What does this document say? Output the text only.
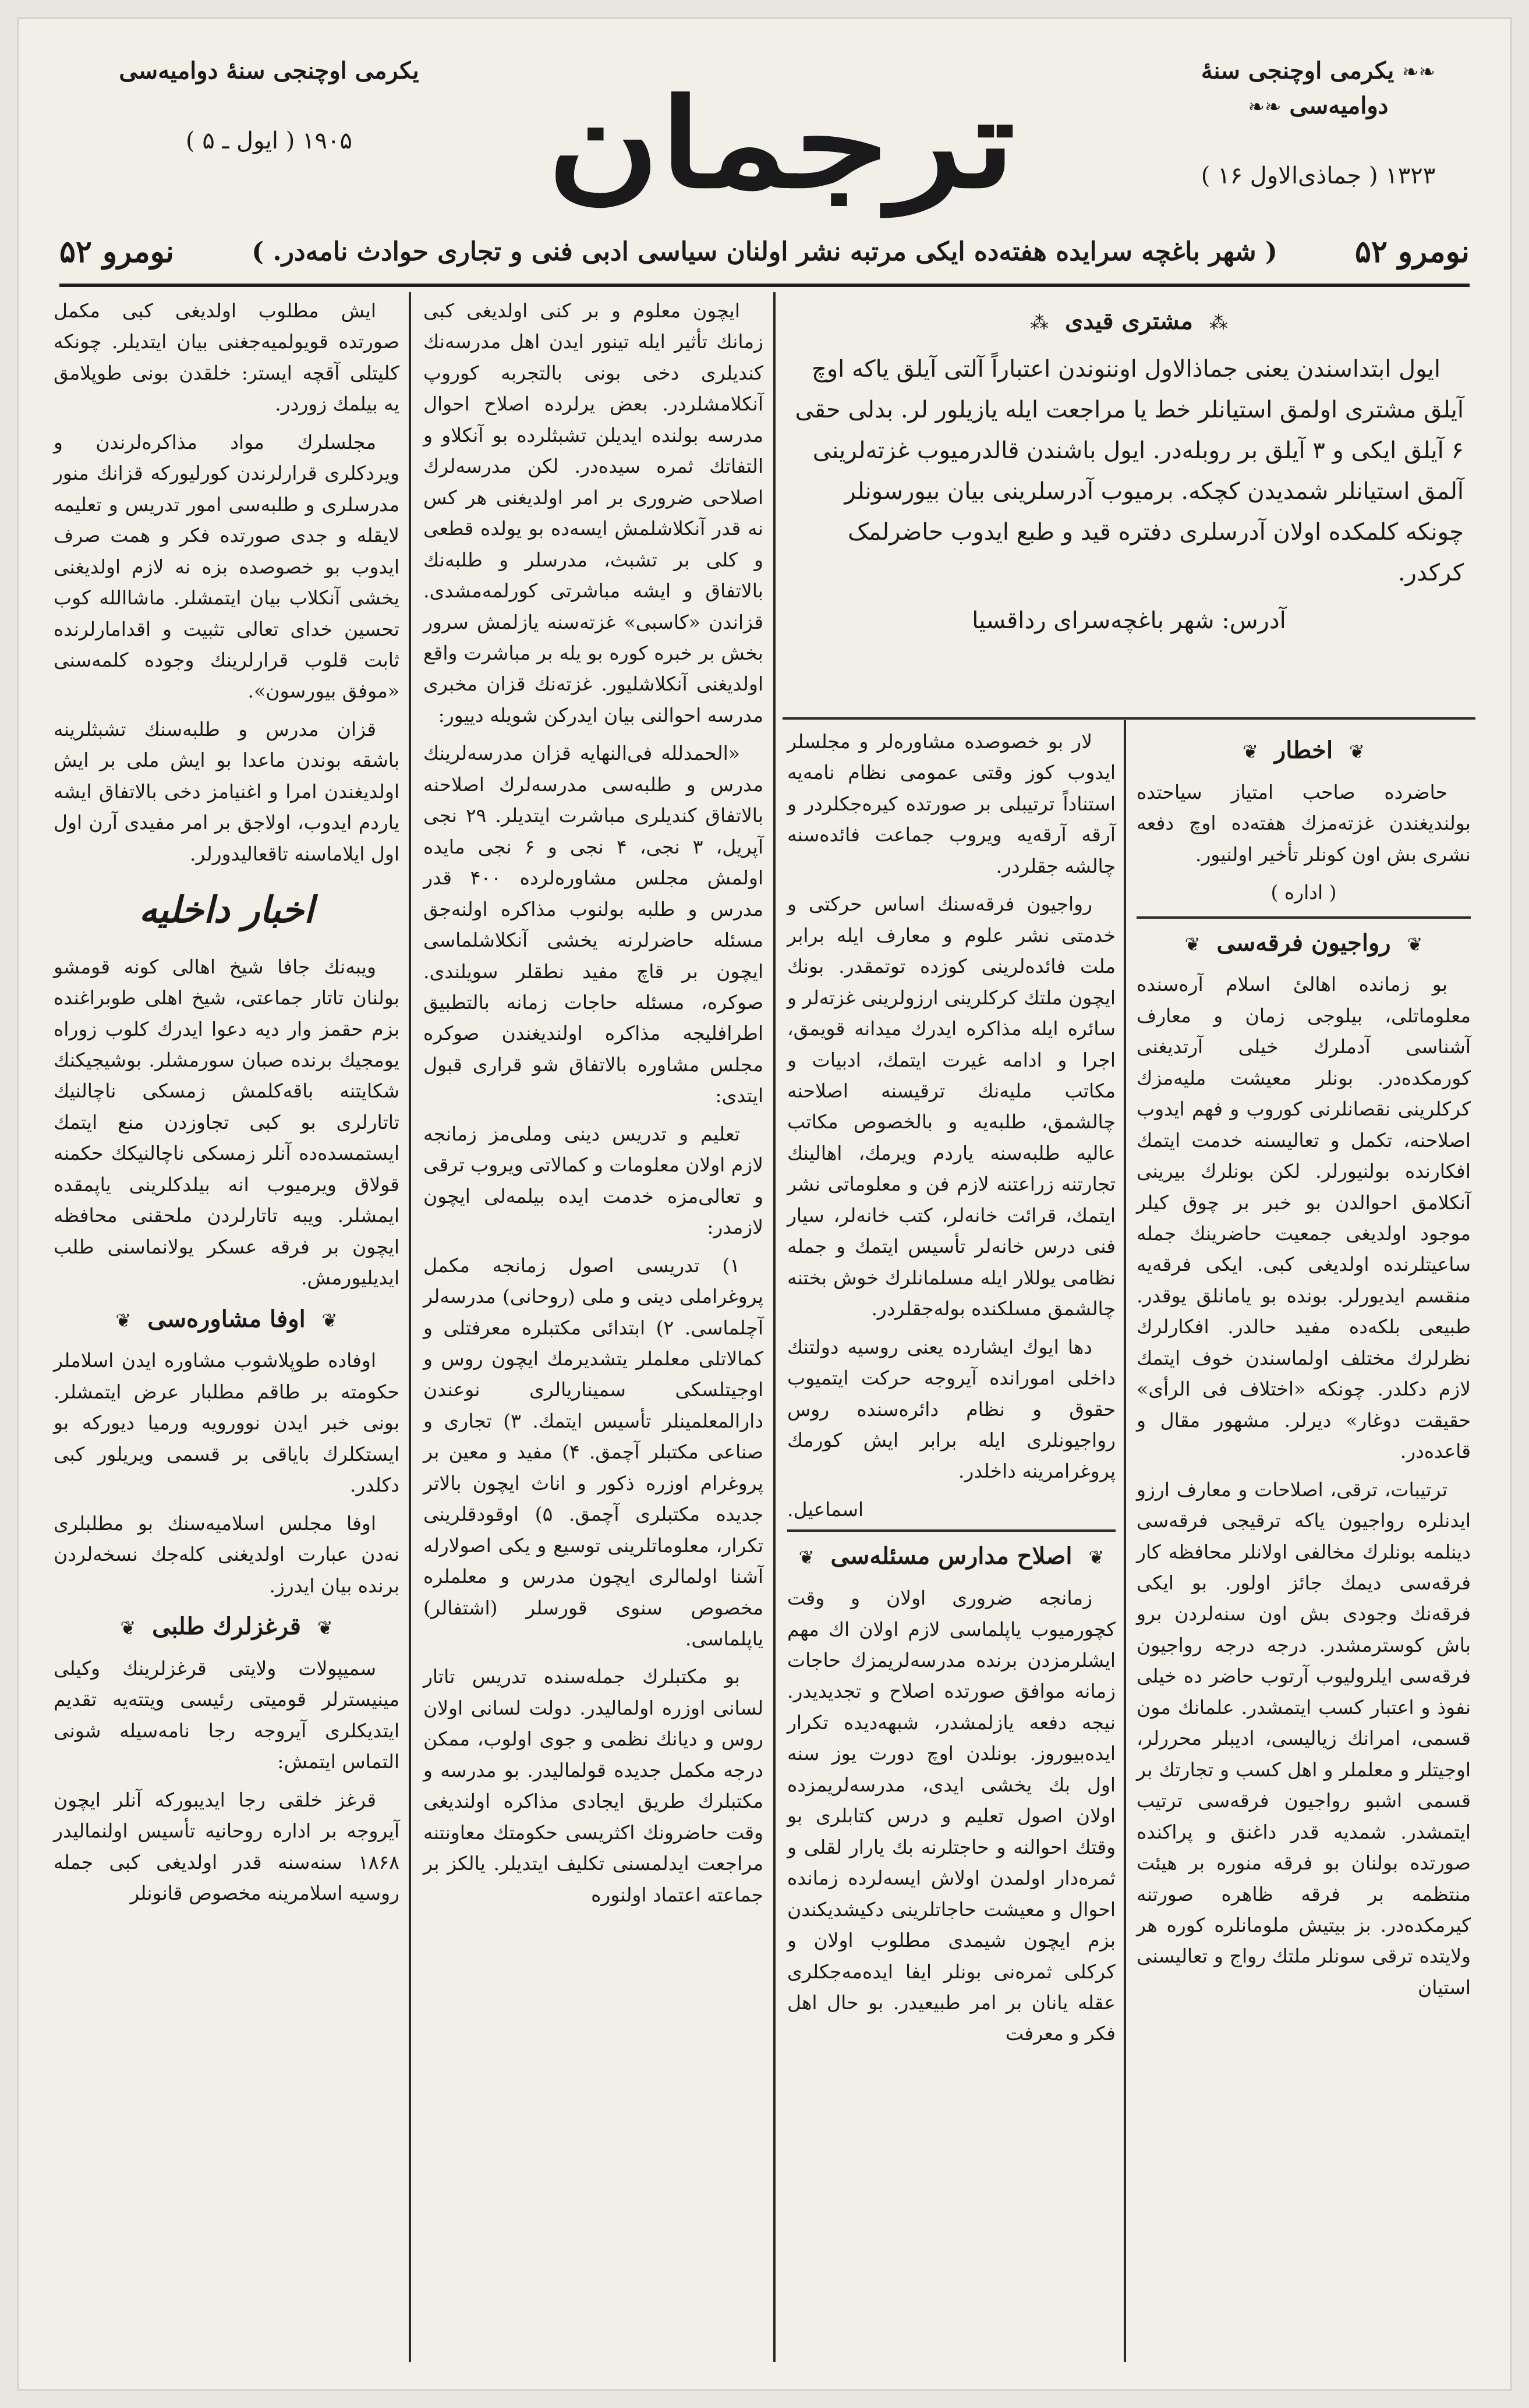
❧❧ یکرمی اوچنجی سنهٔ دوامیه‌سی ❧❧
۱۳۲۳ ( جماذی‌الاول ۱۶ )
ترجمان
یکرمی اوچنجی سنهٔ دوامیه‌سی
۱۹۰۵ ( ایول ـ ۵ )
نومرو ۵۲
( شهر باغچه سرایده هفته‌ده ایکی مرتبه نشر اولنان سیاسی ادبی فنی و تجاری حوادث نامه‌در. )
نومرو ۵۲
⁂ مشتری قیدی ⁂
ایول ابتداسندن یعنی جماذالاول اوننوندن اعتباراً آلتی آیلق یاکه اوچ آیلق مشتری اولمق استیانلر خط یا مراجعت ایله یازیلور لر. بدلی حقی ۶ آیلق ایکی و ۳ آیلق بر روبله‌در. ایول باشندن قالدرمیوب غزته‌لرینی آلمق استیانلر شمدیدن کچکه. برمیوب آدرسلرینی بیان بیورسونلر چونکه کلمکده اولان آدرسلری دفتره قید و طبع ایدوب حاضرلمک کرکدر.
آدرس: شهر باغچه‌سرای رداقسیا
❦ اخطار ❦
حاضرده صاحب امتیاز سیاحتده بولندیغندن غزته‌مزك هفته‌ده اوچ دفعه نشری بش اون کونلر تأخیر اولنیور.
( اداره )
❦ رواجیون فرقه‌سی ❦
بو زمانده اهالیٔ اسلام آره‌سنده معلوماتلی، بیلوجی زمان و معارف آشناسی آدملرك خیلی آرتدیغنی کورمکده‌در. بونلر معیشت ملیه‌مزك کرکلرینی نقصانلرنی کوروب و فهم ایدوب اصلاحنه، تکمل و تعالیسنه خدمت ایتمك افکارنده بولنیورلر. لکن بونلرك بیرینی آنکلامق احوالدن بو خبر بر چوق کیلر موجود اولدیغی جمعیت حاضرینك جمله ساعیتلرنده اولدیغی کبی. ایکی فرقه‌یه منقسم ایدیورلر. بونده بو یامانلق یوقدر. طبیعی بلکه‌ده مفید حالدر. افکارلرك نظرلرك مختلف اولماسندن خوف ایتمك لازم دکلدر. چونکه «اختلاف فی الرأی» حقیقت دوغار» دیرلر. مشهور مقال و قاعده‌در.
ترتیبات، ترقی، اصلاحات و معارف ارزو ایدنلره رواجیون یاکه ترقیجی فرقه‌سی دینلمه بونلرك مخالفی اولانلر محافظه کار فرقه‌سی دیمك جائز اولور. بو ایکی فرقه‌نك وجودی بش اون سنه‌لردن برو باش کوسترمشدر. درجه درجه رواجیون فرقه‌سی ایلرولیوب آرتوب حاضر ده خیلی نفوذ و اعتبار کسب ایتمشدر. علمانك مون قسمی، امرانك زیالیسی، ادیبلر محررلر، اوجیتلر و معلملر و اهل کسب و تجارتك بر قسمی اشبو رواجیون فرقه‌سی ترتیب ایتمشدر. شمدیه قدر داغنق و پراکنده صورتده بولنان بو فرقه منوره بر هیئت منتظمه بر فرقه ظاهره صورتنه کیرمکده‌در. بز بیتیش ملومانلره کوره هر ولایتده ترقی سونلر ملتك رواج و تعالیسنی استیان
لار بو خصوصده مشاوره‌لر و مجلسلر ایدوب کوز وقتی عمومی نظام نامه‌یه استناداً ترتیبلی بر صورتده کیره‌جکلردر و آرقه آرقه‌یه ویروب جماعت فائده‌سنه چالشه جقلردر.
رواجیون فرقه‌سنك اساس حرکتی و خدمتی نشر علوم و معارف ایله برابر ملت فائده‌لرینی کوزده توتمقدر. بونك ایچون ملتك کرکلرینی ارزولرینی غزته‌لر و سائره ایله مذاکره ایدرك میدانه قویمق، اجرا و ادامه غیرت ایتمك، ادبیات و مکاتب ملیه‌نك ترقیسنه اصلاحنه چالشمق، طلبه‌یه و بالخصوص مکاتب عالیه طلبه‌سنه یاردم ویرمك، اهالینك تجارتنه زراعتنه لازم فن و معلوماتی نشر ایتمك، قرائت خانه‌لر، کتب خانه‌لر، سیار فنی درس خانه‌لر تأسیس ایتمك و جمله نظامی یوللار ایله مسلمانلرك خوش بختنه چالشمق مسلکنده بوله‌جقلردر.
دها ایوك ایشارده یعنی روسیه دولتنك داخلی امورانده آیروجه حرکت ایتمیوب حقوق و نظام دائره‌سنده روس رواجیونلری ایله برابر ایش کورمك پروغرامرینه داخلدر.
اسماعیل.
❦ اصلاح مدارس مسئله‌سی ❦
زمانجه ضروری اولان و وقت کچورمیوب یاپلماسی لازم اولان اك مهم ایشلرمزدن برنده مدرسه‌لریمزك حاجات زمانه موافق صورتده اصلاح و تجدیدیدر. نیجه دفعه یازلمشدر، شبهه‌دیده تکرار ایده‌بیوروز. بونلدن اوچ دورت یوز سنه اول بك یخشی ایدی، مدرسه‌لریمزده اولان اصول تعلیم و درس کتابلری بو وقتك احوالنه و حاجتلرنه بك یارار لقلی و ثمره‌دار اولمدن اولاش ایسه‌لرده زمانده احوال و معیشت حاجاتلرینی دکیشدیکندن بزم ایچون شیمدی مطلوب اولان و کرکلی ثمره‌نی بونلر ایفا ایده‌مه‌جکلری عقله یانان بر امر طبیعیدر. بو حال اهل فکر و معرفت
ایچون معلوم و بر کنی اولدیغی کبی زمانك تأثیر ایله تینور ایدن اهل مدرسه‌نك کندیلری دخی بونی بالتجربه کوروپ آنکلامشلردر. بعض یرلرده اصلاح احوال مدرسه بولنده ایدیلن تشبثلرده بو آنکلاو و التفاتك ثمره سیده‌در. لکن مدرسه‌لرك اصلاحی ضروری بر امر اولدیغنی هر کس نه قدر آنکلاشلمش ایسه‌ده بو یولده قطعی و کلی بر تشبث، مدرسلر و طلبه‌نك بالاتفاق و ایشه مباشرتی کورلمه‌مشدی. قزاندن «کاسبی» غزته‌سنه یازلمش سرور بخش بر خبره کوره بو یله بر مباشرت واقع اولدیغنی آنکلاشلیور. غزته‌نك قزان مخبری مدرسه احوالنی بیان ایدرکن شویله دییور:
«الحمدلله فی‌النهایه قزان مدرسه‌لرینك مدرس و طلبه‌سی مدرسه‌لرك اصلاحنه بالاتفاق کندیلری مباشرت ایتدیلر. ۲۹ نجی آپریل، ۳ نجی، ۴ نجی و ۶ نجی مایده اولمش مجلس مشاوره‌لرده ۴۰۰ قدر مدرس و طلبه بولنوب مذاکره اولنه‌جق مسئله حاضرلرنه یخشی آنکلاشلماسی ایچون بر قاچ مفید نطقلر سویلندی. صوکره، مسئله حاجات زمانه بالتطبیق اطرافلیجه مذاکره اولندیغندن صوکره مجلس مشاوره بالاتفاق شو قراری قبول ایتدی:
تعلیم و تدریس دینی وملی‌مز زمانجه لازم اولان معلومات و کمالاتی ویروب ترقی و تعالی‌مزه خدمت ایده بیلمه‌لی ایچون لازمدر:
۱) تدریسی اصول زمانجه مکمل پروغراملی دینی و ملی (روحانی) مدرسه‌لر آچلماسی. ۲) ابتدائی مکتبلره معرفتلی و کمالاتلی معلملر یتشدیرمك ایچون روس و اوجیتلسکی سمیناریالری نوعندن دارالمعلمینلر تأسیس ایتمك. ۳) تجاری و صناعی مکتبلر آچمق. ۴) مفید و معین بر پروغرام اوزره ذکور و اناث ایچون بالاتر جدیده مکتبلری آچمق. ۵) اوقودقلرینی تکرار، معلوماتلرینی توسیع و یکی اصولارله آشنا اولمالری ایچون مدرس و معلملره مخصوص سنوی قورسلر (اشتفالر) یاپلماسی.
بو مکتبلرك جمله‌سنده تدریس تاتار لسانی اوزره اولمالیدر. دولت لسانی اولان روس و دیانك نظمی و جوی اولوب، ممکن درجه مکمل جدیده قولمالیدر. بو مدرسه و مکتبلرك طریق ایجادی مذاکره اولندیغی وقت حاضرونك اکثریسی حکومتك معاونتنه مراجعت ایدلمسنی تکلیف ایتدیلر. یالکز بر جماعته اعتماد اولنوره
ایش مطلوب اولدیغی کبی مکمل صورتده قویولمیه‌جغنی بیان ایتدیلر. چونکه کلیتلی آقچه ایستر: خلقدن بونی طوپلامق یه بیلمك زوردر.
مجلسلرك مواد مذاکره‌لرندن و ویردکلری قرارلرندن کورلیورکه قزانك منور مدرسلری و طلبه‌سی امور تدریس و تعلیمه لایقله و جدی صورتده فکر و همت صرف ایدوب بو خصوصده بزه نه لازم اولدیغنی یخشی آنکلاب بیان ایتمشلر. ماشاالله کوب تحسین خدای تعالی تثبیت و اقدامارلرنده ثابت قلوب قرارلرینك وجوده کلمه‌سنی «موفق بیورسون».
قزان مدرس و طلبه‌سنك تشبثلرینه باشقه بوندن ماعدا بو ایش ملی بر ایش اولدیغندن امرا و اغنیامز دخی بالاتفاق ایشه یاردم ایدوب، اولاجق بر امر مفیدی آرن اول اول ایلاماسنه تاقعالیدورلر.
اخبار داخلیه
ویبه‌نك جافا شیخ اهالی کونه قومشو بولنان تاتار جماعتی، شیخ اهلی طوبراغنده بزم حقمز وار دیه دعوا ایدرك کلوب زوراه یومجیك برنده صبان سورمشلر. بوشیجیکنك شکایتنه باقه‌کلمش زمسکی ناچالنیك تاتارلری بو کبی تجاوزدن منع ایتمك ایستمسده‌ده آنلر زمسکی ناچالنیکك حکمنه قولاق ویرمیوب انه بیلدکلرینی یاپمقده ایمشلر. ویبه تاتارلردن ملحقنی محافظه ایچون بر فرقه عسکر یولانماسنی طلب ایدیلیورمش.
❦ اوفا مشاوره‌سی ❦
اوفاده طوپلاشوب مشاوره ایدن اسلاملر حکومته بر طاقم مطلبار عرض ایتمشلر. بونی خبر ایدن نوورویه ورمیا دیورکه بو ایستکلرك بایاقی بر قسمی ویریلور کبی دکلدر.
اوفا مجلس اسلامیه‌سنك بو مطلبلری نه‌دن عبارت اولدیغنی کله‌جك نسخه‌لردن برنده بیان ایدرز.
❦ قرغزلرك طلبی ❦
سمیپولات ولایتی قرغزلرینك وکیلی مینیسترلر قومیتی رئیسی ویتته‌یه تقدیم ایتدیکلری آیروجه رجا نامه‌سیله شونی التماس ایتمش:
قرغز خلقی رجا ایدیبورکه آنلر ایچون آیروجه بر اداره روحانیه تأسیس اولنمالیدر ۱۸۶۸ سنه‌سنه قدر اولدیغی کبی جمله روسیه اسلامرینه مخصوص قانونلر
